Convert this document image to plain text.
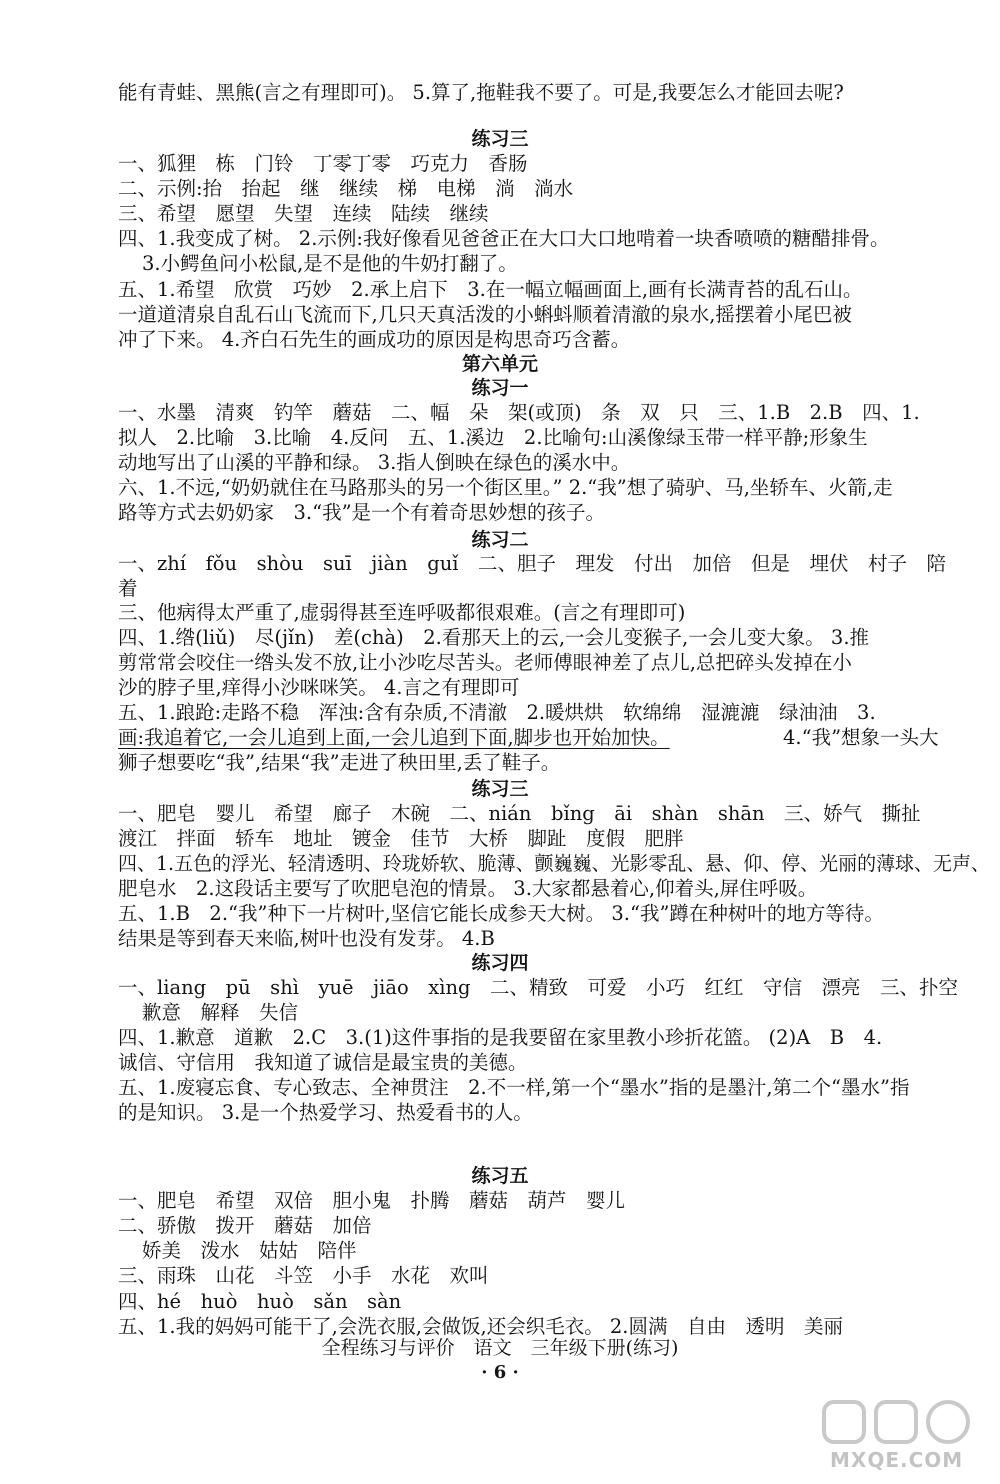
能有青蛙、黑熊(言之有理即可)。 5.算了,拖鞋我不要了。可是,我要怎么才能回去呢?
练习三
一、狐狸　栋　门铃　丁零丁零　巧克力　香肠
二、示例:抬　抬起　继　继续　梯　电梯　淌　淌水
三、希望　愿望　失望　连续　陆续　继续
四、1.我变成了树。 2.示例:我好像看见爸爸正在大口大口地啃着一块香喷喷的糖醋排骨。
3.小鳄鱼问小松鼠,是不是他的牛奶打翻了。
五、1.希望　欣赏　巧妙　2.承上启下　3.在一幅立幅画面上,画有长满青苔的乱石山。
一道道清泉自乱石山飞流而下,几只天真活泼的小蝌蚪顺着清澈的泉水,摇摆着小尾巴被
冲了下来。 4.齐白石先生的画成功的原因是构思奇巧含蓄。
第六单元
练习一
一、水墨　清爽　钓竿　蘑菇　二、幅　朵　架(或顶)　条　双　只　三、1.B　2.B　四、1.
拟人　2.比喻　3.比喻　4.反问　五、1.溪边　2.比喻句:山溪像绿玉带一样平静;形象生
动地写出了山溪的平静和绿。 3.指人倒映在绿色的溪水中。
六、1.不远,“奶奶就住在马路那头的另一个街区里。” 2.“我”想了骑驴、马,坐轿车、火箭,走
路等方式去奶奶家　3.“我”是一个有着奇思妙想的孩子。
练习二
一、zhí　fǒu　shòu　suī　jiàn　guǐ　二、胆子　理发　付出　加倍　但是　埋伏　村子　陪
着
三、他病得太严重了,虚弱得甚至连呼吸都很艰难。(言之有理即可)
四、1.绺(liǔ)　尽(jǐn)　差(chà)　2.看那天上的云,一会儿变猴子,一会儿变大象。 3.推
剪常常会咬住一绺头发不放,让小沙吃尽苦头。老师傅眼神差了点儿,总把碎头发掉在小
沙的脖子里,痒得小沙咪咪笑。 4.言之有理即可
五、1.踉跄:走路不稳　浑浊:含有杂质,不清澈　2.暖烘烘　软绵绵　湿漉漉　绿油油　3.
画:我追着它,一会儿追到上面,一会儿追到下面,脚步也开始加快。	4.“我”想象一头大
狮子想要吃“我”,结果“我”走进了秧田里,丢了鞋子。
练习三
一、肥皂　婴儿　希望　廊子　木碗　二、nián　bǐng　āi　shàn　shān　三、娇气　撕扯
渡江　拌面　轿车　地址　镀金　佳节　大桥　脚趾　度假　肥胖
四、1.五色的浮光、轻清透明、玲珑娇软、脆薄、颤巍巍、光影零乱、悬、仰、停、光丽的薄球、无声、
肥皂水　2.这段话主要写了吹肥皂泡的情景。 3.大家都悬着心,仰着头,屏住呼吸。
五、1.B　2.“我”种下一片树叶,坚信它能长成参天大树。 3.“我”蹲在种树叶的地方等待。
结果是等到春天来临,树叶也没有发芽。 4.B
练习四
一、liang　pū　shì　yuē　jiāo　xìng　二、精致　可爱　小巧　红红　守信　漂亮　三、扑空
歉意　解释　失信
四、1.歉意　道歉　2.C　3.(1)这件事指的是我要留在家里教小珍折花篮。 (2)A　B　4.
诚信、守信用　我知道了诚信是最宝贵的美德。
五、1.废寝忘食、专心致志、全神贯注　2.不一样,第一个“墨水”指的是墨汁,第二个“墨水”指
的是知识。 3.是一个热爱学习、热爱看书的人。
练习五
一、肥皂　希望　双倍　胆小鬼　扑腾　蘑菇　葫芦　婴儿
二、骄傲　拨开　蘑菇　加倍
娇美　泼水　姑姑　陪伴
三、雨珠　山花　斗笠　小手　水花　欢叫
四、hé　huò　huò　sǎn　sàn
五、1.我的妈妈可能干了,会洗衣服,会做饭,还会织毛衣。 2.圆满　自由　透明　美丽
全程练习与评价　语文　三年级下册(练习)
· 6 ·
MXQE.COM
